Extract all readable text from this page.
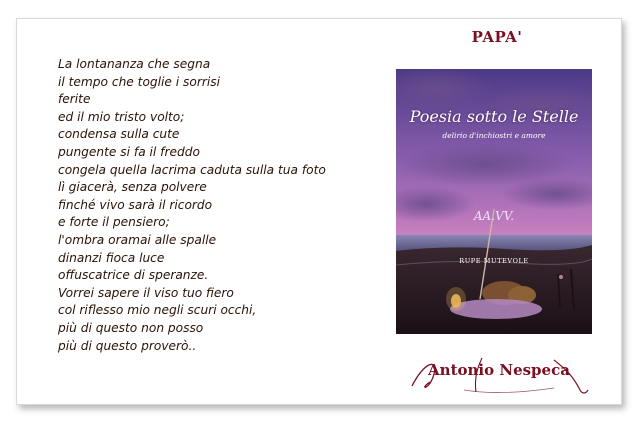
La lontananza che segna
il tempo che toglie i sorrisi
ferite
ed il mio tristo volto;
condensa sulla cute
pungente si fa il freddo
congela quella lacrima caduta sulla tua foto
lì giacerà, senza polvere
finché vivo sarà il ricordo
e forte il pensiero;
l'ombra oramai alle spalle
dinanzi fioca luce
offuscatrice di speranze.
Vorrei sapere il viso tuo fiero
col riflesso mio negli scuri occhi,
più di questo non posso
più di questo proverò..
PAPA'
Poesia sotto le Stelle
delirio d'inchiostri e amore
AA.VV.
RUPE MUTEVOLE
Antonio Nespeca
